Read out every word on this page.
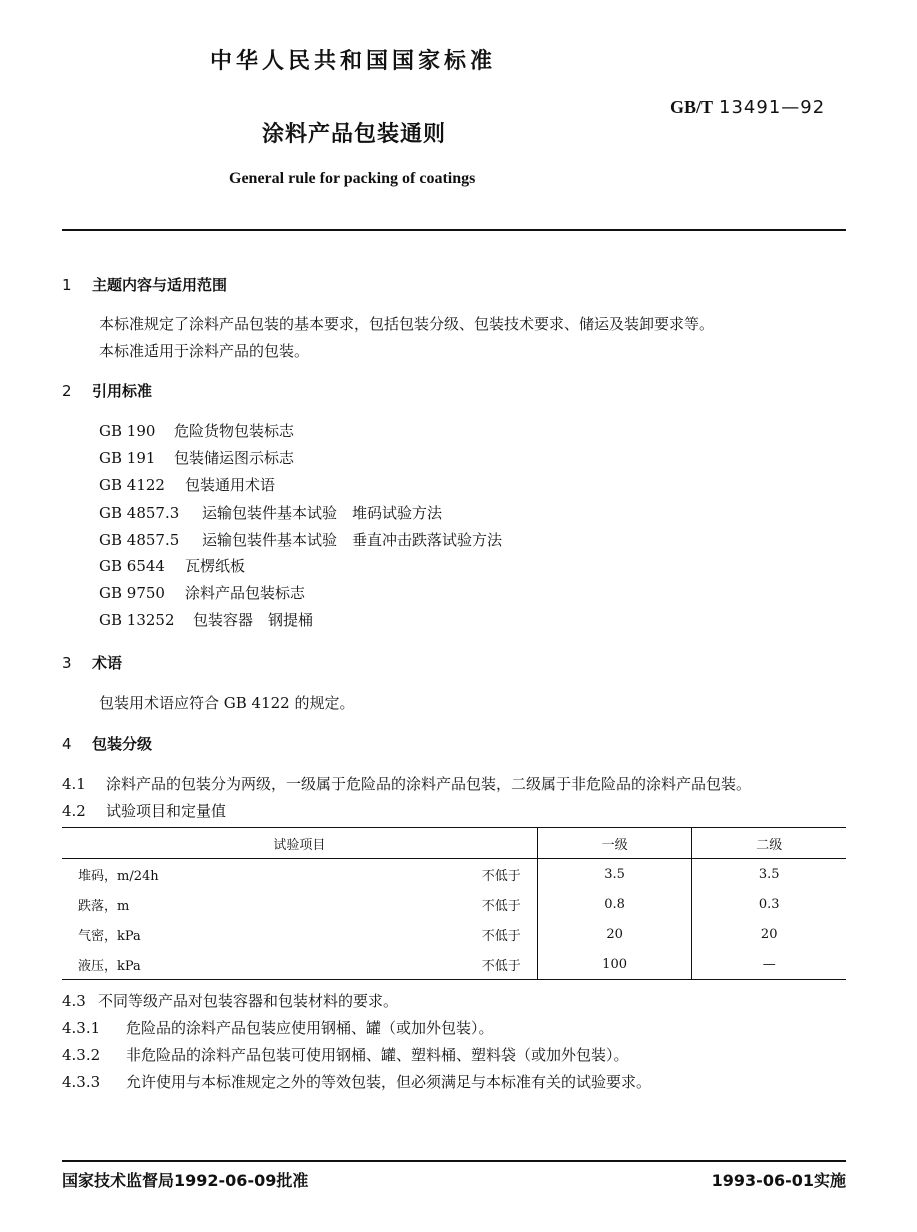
中华人民共和国国家标准
GB/T 13491—92
涂料产品包装通则
General rule for packing of coatings
1 主题内容与适用范围
本标准规定了涂料产品包装的基本要求，包括包装分级、包装技术要求、储运及装卸要求等。
本标准适用于涂料产品的包装。
2 引用标准
GB 190 危险货物包装标志
GB 191 包装储运图示标志
GB 4122 包装通用术语
GB 4857.3 运输包装件基本试验　堆码试验方法
GB 4857.5 运输包装件基本试验　垂直冲击跌落试验方法
GB 6544 瓦楞纸板
GB 9750 涂料产品包装标志
GB 13252 包装容器　钢提桶
3 术语
包装用术语应符合 GB 4122 的规定。
4 包装分级
4.1 涂料产品的包装分为两级，一级属于危险品的涂料产品包装，二级属于非危险品的涂料产品包装。
4.2 试验项目和定量值
试验项目	一级	二级

堆码，m/24h 不低于	3.5	3.5

跌落，m 不低于	0.8	0.3

气密，kPa 不低于	20	20

液压，kPa 不低于	100	—
4.3 不同等级产品对包装容器和包装材料的要求。
4.3.1 危险品的涂料产品包装应使用钢桶、罐（或加外包装）。
4.3.2 非危险品的涂料产品包装可使用钢桶、罐、塑料桶、塑料袋（或加外包装）。
4.3.3 允许使用与本标准规定之外的等效包装，但必须满足与本标准有关的试验要求。
国家技术监督局1992-06-09批准	1993-06-01实施
